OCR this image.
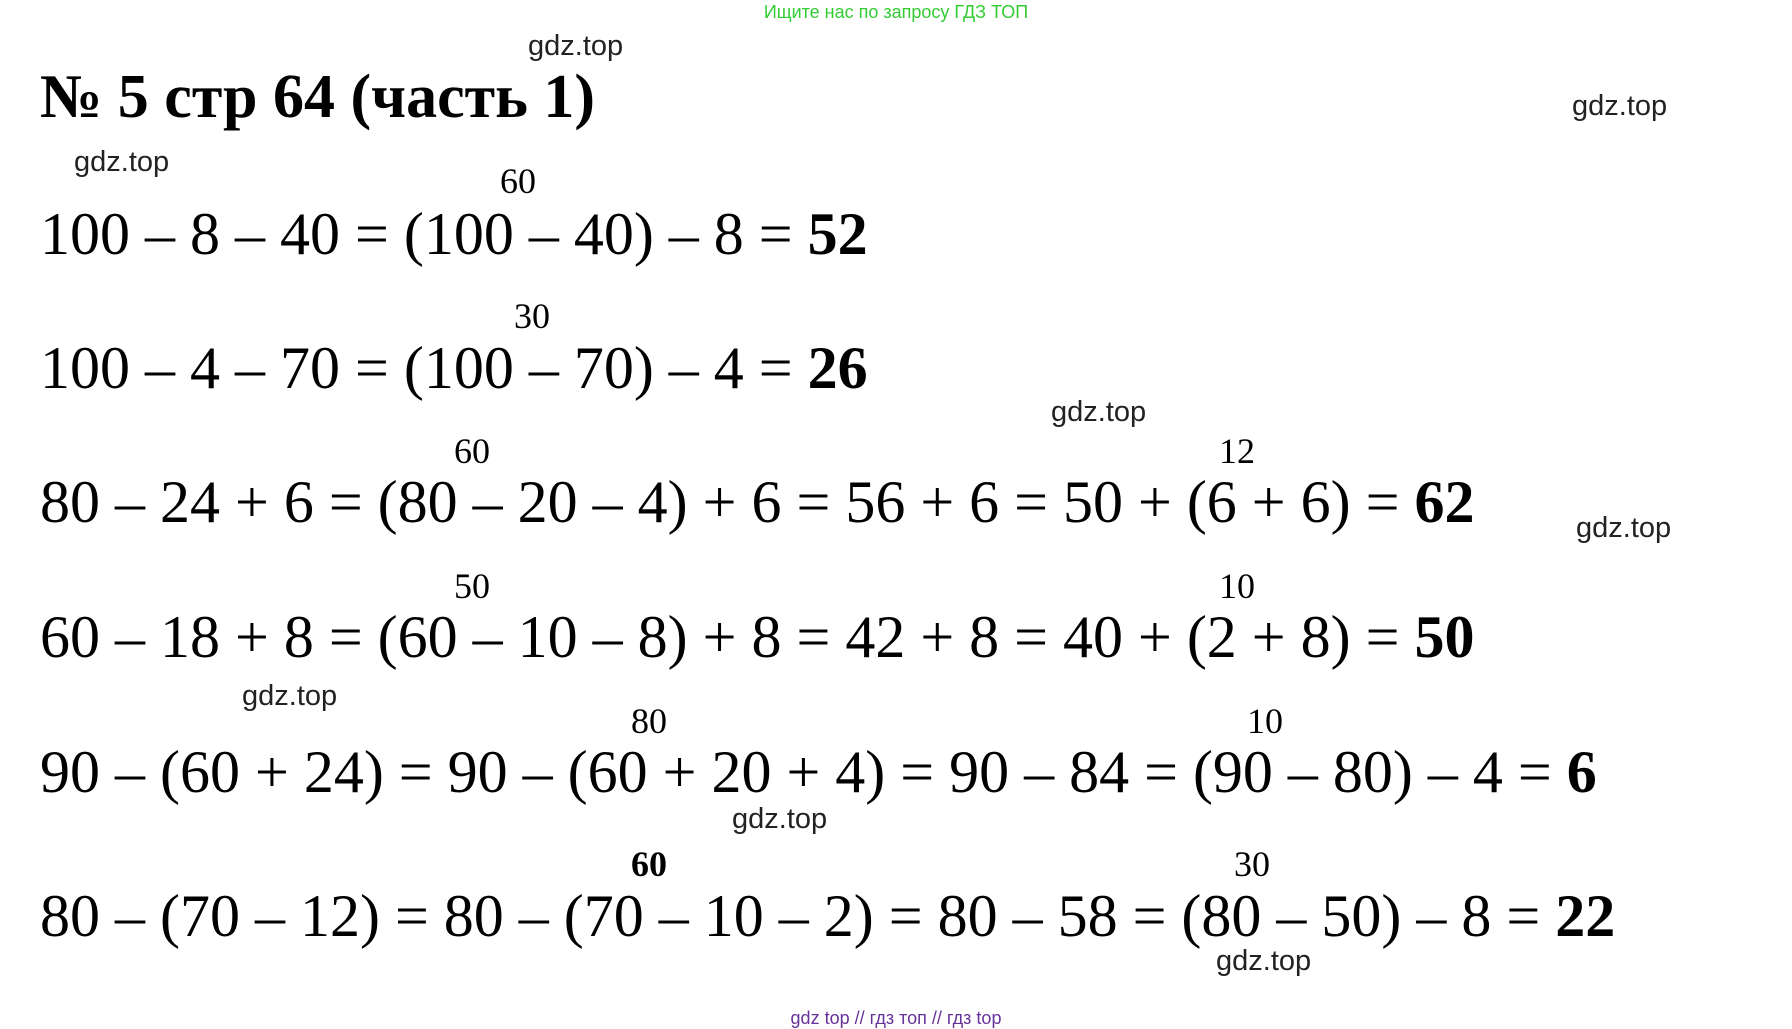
Ищите нас по запросу ГДЗ ТОП
№ 5 стр 64 (часть 1)
gdz.top
gdz.top
gdz.top
gdz.top
gdz.top
gdz.top
gdz.top
gdz.top
60
100 – 8 – 40 = (100 – 40) – 8 = 52
30
100 – 4 – 70 = (100 – 70) – 4 = 26
60	12
80 – 24 + 6 = (80 – 20 – 4) + 6 = 56 + 6 = 50 + (6 + 6) = 62
50	10
60 – 18 + 8 = (60 – 10 – 8) + 8 = 42 + 8 = 40 + (2 + 8) = 50
80	10
90 – (60 + 24) = 90 – (60 + 20 + 4) = 90 – 84 = (90 – 80) – 4 = 6
60	30
80 – (70 – 12) = 80 – (70 – 10 – 2) = 80 – 58 = (80 – 50) – 8 = 22
gdz top // гдз топ // гдз top
